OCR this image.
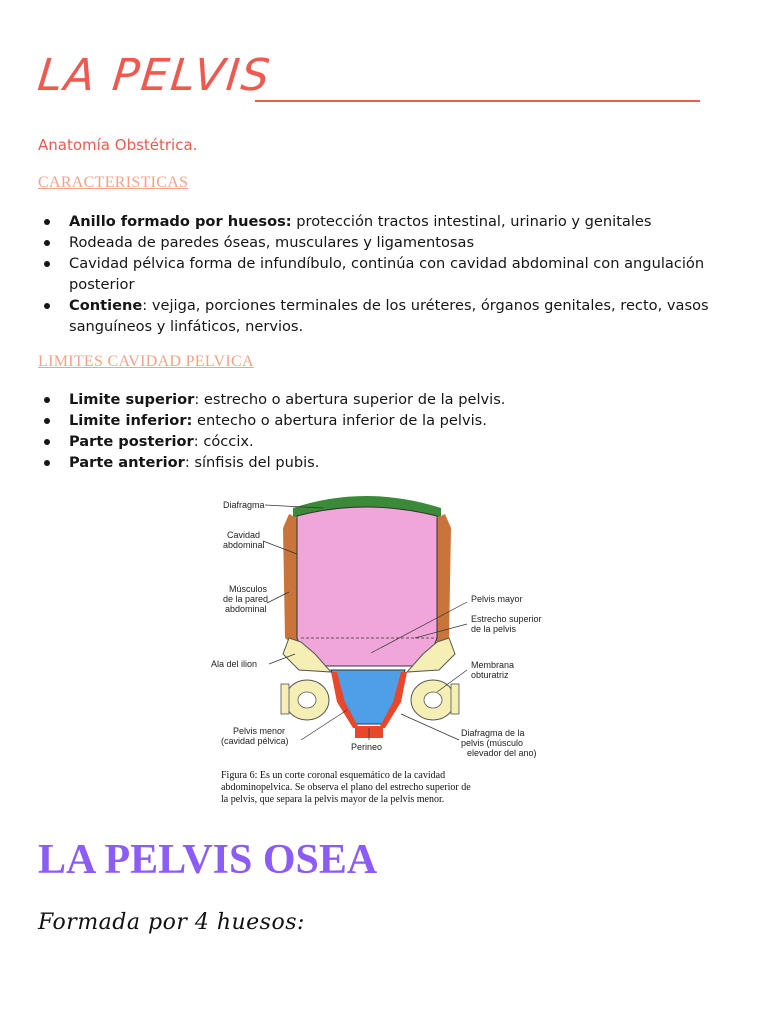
LA PELVIS
Anatomía Obstétrica.
CARACTERISTICAS
Anillo formado por huesos: protección tractos intestinal, urinario y genitales
Rodeada de paredes óseas, musculares y ligamentosas
Cavidad pélvica forma de infundíbulo, continúa con cavidad abdominal con angulación posterior
Contiene: vejiga, porciones terminales de los uréteres, órganos genitales, recto, vasos sanguíneos y linfáticos, nervios.
LIMITES CAVIDAD PELVICA
Limite superior: estrecho o abertura superior de la pelvis.
Limite inferior: entecho o abertura inferior de la pelvis.
Parte posterior: cóccix.
Parte anterior: sínfisis del pubis.
Diafragma
Cavidad
abdominal
Músculos
de la pared
abdominal
Ala del ilion
Pelvis menor
(cavidad pélvica)
Perineo
Pelvis mayor
Estrecho superior
de la pelvis
Membrana
obturatriz
Diafragma de la
pelvis (músculo
elevador del ano)
Figura 6: Es un corte coronal esquemático de la cavidad
abdominopelvica. Se observa el plano del estrecho superior de
la pelvis, que separa la pelvis mayor de la pelvis menor.
LA PELVIS OSEA
Formada por 4 huesos:
